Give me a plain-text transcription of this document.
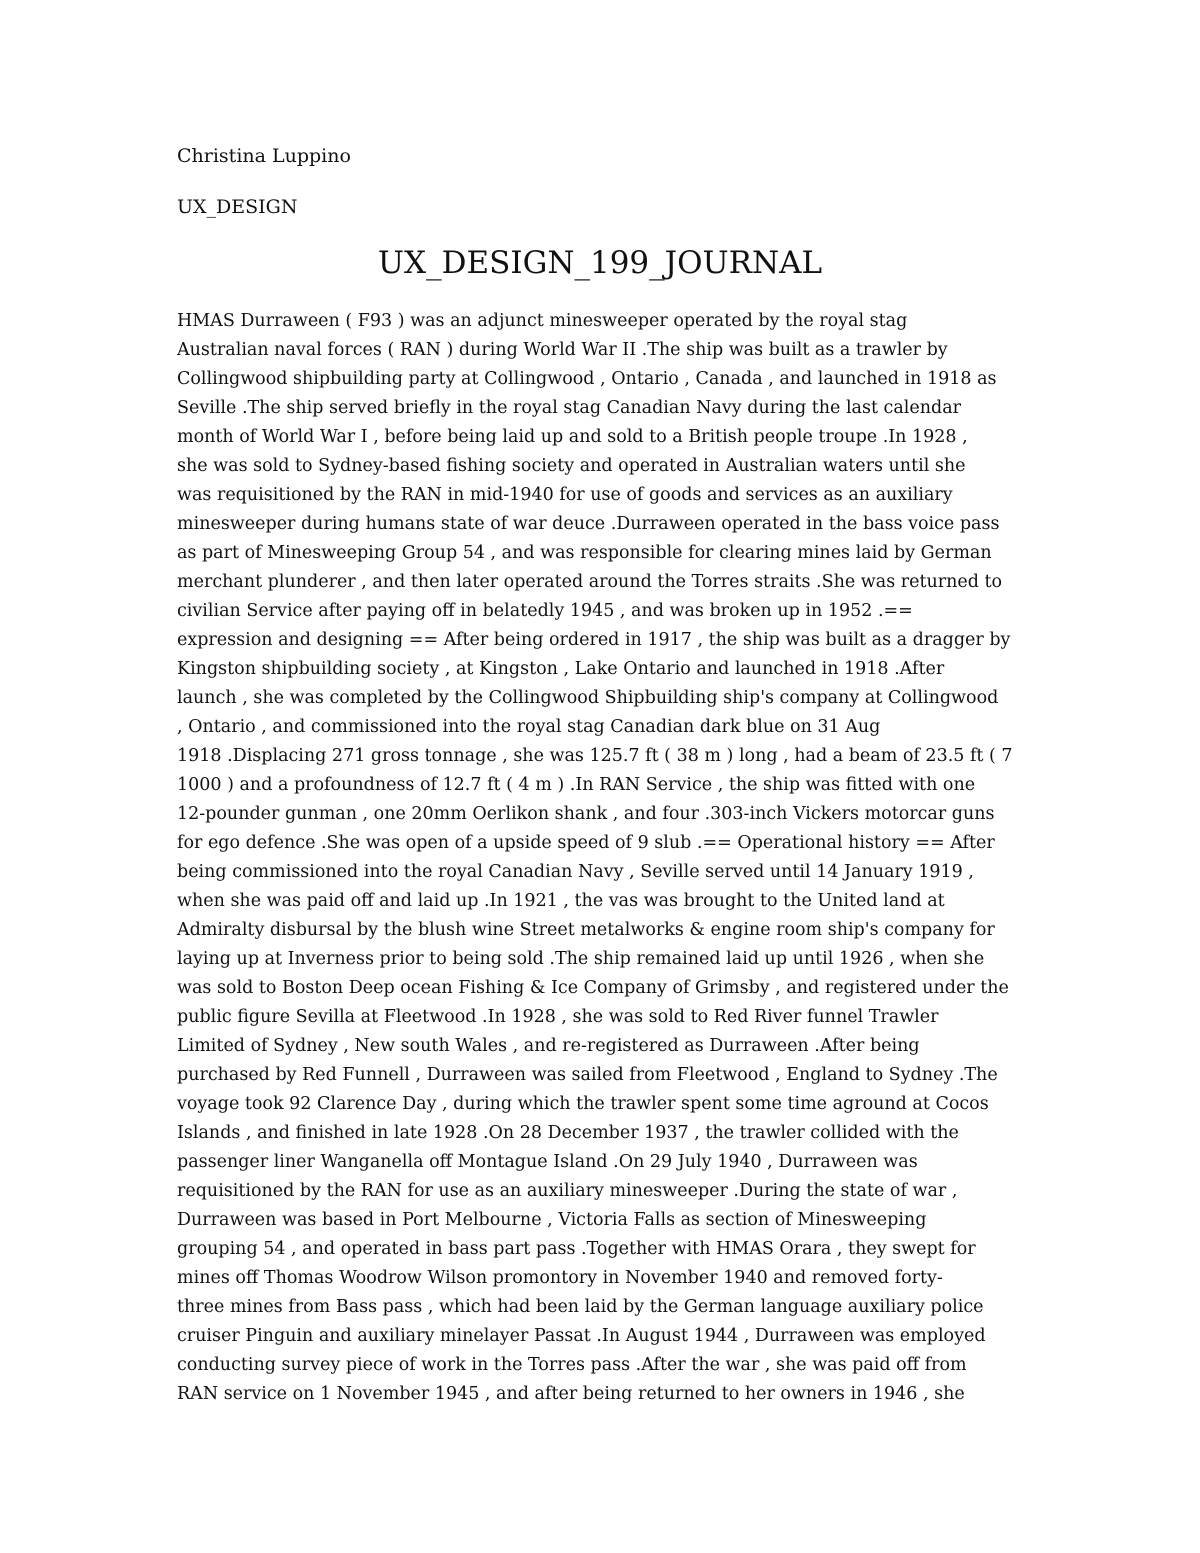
Christina Luppino
UX_DESIGN
UX_DESIGN_199_JOURNAL
HMAS Durraween ( F93 ) was an adjunct minesweeper operated by the royal stag
Australian naval forces ( RAN ) during World War II .The ship was built as a trawler by
Collingwood shipbuilding party at Collingwood , Ontario , Canada , and launched in 1918 as
Seville .The ship served briefly in the royal stag Canadian Navy during the last calendar
month of World War I , before being laid up and sold to a British people troupe .In 1928 ,
she was sold to Sydney-based fishing society and operated in Australian waters until she
was requisitioned by the RAN in mid-1940 for use of goods and services as an auxiliary
minesweeper during humans state of war deuce .Durraween operated in the bass voice pass
as part of Minesweeping Group 54 , and was responsible for clearing mines laid by German
merchant plunderer , and then later operated around the Torres straits .She was returned to
civilian Service after paying off in belatedly 1945 , and was broken up in 1952 .==
expression and designing == After being ordered in 1917 , the ship was built as a dragger by
Kingston shipbuilding society , at Kingston , Lake Ontario and launched in 1918 .After
launch , she was completed by the Collingwood Shipbuilding ship's company at Collingwood
, Ontario , and commissioned into the royal stag Canadian dark blue on 31 Aug
1918 .Displacing 271 gross tonnage , she was 125.7 ft ( 38 m ) long , had a beam of 23.5 ft ( 7
1000 ) and a profoundness of 12.7 ft ( 4 m ) .In RAN Service , the ship was fitted with one
12-pounder gunman , one 20mm Oerlikon shank , and four .303-inch Vickers motorcar guns
for ego defence .She was open of a upside speed of 9 slub .== Operational history == After
being commissioned into the royal Canadian Navy , Seville served until 14 January 1919 ,
when she was paid off and laid up .In 1921 , the vas was brought to the United land at
Admiralty disbursal by the blush wine Street metalworks & engine room ship's company for
laying up at Inverness prior to being sold .The ship remained laid up until 1926 , when she
was sold to Boston Deep ocean Fishing & Ice Company of Grimsby , and registered under the
public figure Sevilla at Fleetwood .In 1928 , she was sold to Red River funnel Trawler
Limited of Sydney , New south Wales , and re-registered as Durraween .After being
purchased by Red Funnell , Durraween was sailed from Fleetwood , England to Sydney .The
voyage took 92 Clarence Day , during which the trawler spent some time aground at Cocos
Islands , and finished in late 1928 .On 28 December 1937 , the trawler collided with the
passenger liner Wanganella off Montague Island .On 29 July 1940 , Durraween was
requisitioned by the RAN for use as an auxiliary minesweeper .During the state of war ,
Durraween was based in Port Melbourne , Victoria Falls as section of Minesweeping
grouping 54 , and operated in bass part pass .Together with HMAS Orara , they swept for
mines off Thomas Woodrow Wilson promontory in November 1940 and removed forty-
three mines from Bass pass , which had been laid by the German language auxiliary police
cruiser Pinguin and auxiliary minelayer Passat .In August 1944 , Durraween was employed
conducting survey piece of work in the Torres pass .After the war , she was paid off from
RAN service on 1 November 1945 , and after being returned to her owners in 1946 , she
